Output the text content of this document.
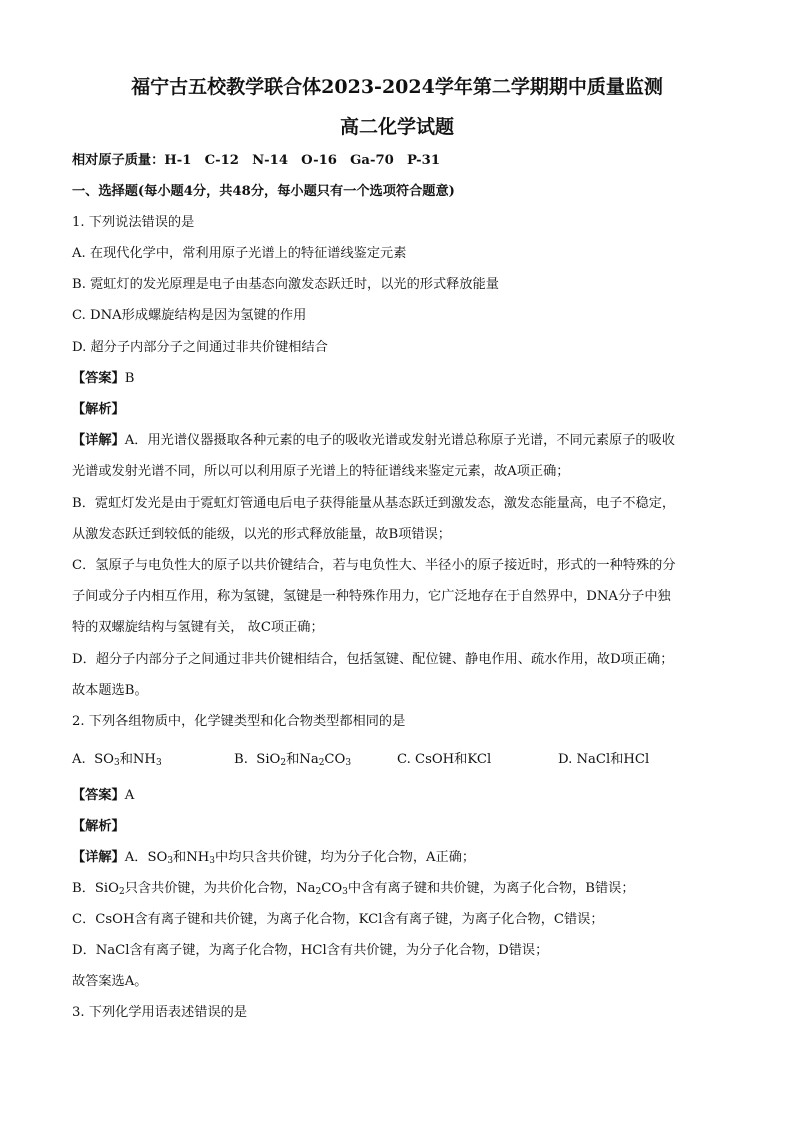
福宁古五校教学联合体2023-2024学年第二学期期中质量监测
高二化学试题
相对原子质量：H-1　C-12　N-14　O-16　Ga-70　P-31
一、选择题(每小题4分，共48分，每小题只有一个选项符合题意)
1. 下列说法错误的是
A. 在现代化学中，常利用原子光谱上的特征谱线鉴定元素
B. 霓虹灯的发光原理是电子由基态向激发态跃迁时，以光的形式释放能量
C. DNA形成螺旋结构是因为氢键的作用
D. 超分子内部分子之间通过非共价键相结合
【答案】B
【解析】
【详解】A．用光谱仪器摄取各种元素的电子的吸收光谱或发射光谱总称原子光谱，不同元素原子的吸收
光谱或发射光谱不同，所以可以利用原子光谱上的特征谱线来鉴定元素，故A项正确；
B．霓虹灯发光是由于霓虹灯管通电后电子获得能量从基态跃迁到激发态，激发态能量高，电子不稳定，
从激发态跃迁到较低的能级，以光的形式释放能量，故B项错误；
C．氢原子与电负性大的原子以共价键结合，若与电负性大、半径小的原子接近时，形式的一种特殊的分
子间或分子内相互作用，称为氢键，氢键是一种特殊作用力，它广泛地存在于自然界中，DNA分子中独
特的双螺旋结构与氢键有关， 故C项正确；
D．超分子内部分子之间通过非共价键相结合，包括氢键、配位键、静电作用、疏水作用，故D项正确；
故本题选B。
2. 下列各组物质中，化学键类型和化合物类型都相同的是
A. $SO_3$和$NH_3$	B. SiO$_2$和$Na_2CO_3$	C. CsOH和KCl	D. NaCl和HCl
【答案】A
【解析】
【详解】A．$SO_3$和$NH_3$中均只含共价键，均为分子化合物，A正确；
B．SiO$_2$只含共价键，为共价化合物，$Na_2CO_3$中含有离子键和共价键，为离子化合物，B错误；
C．CsOH含有离子键和共价键，为离子化合物，KCl含有离子键，为离子化合物，C错误；
D．NaCl含有离子键，为离子化合物，HCl含有共价键，为分子化合物，D错误；
故答案选A。
3. 下列化学用语表述错误的是
